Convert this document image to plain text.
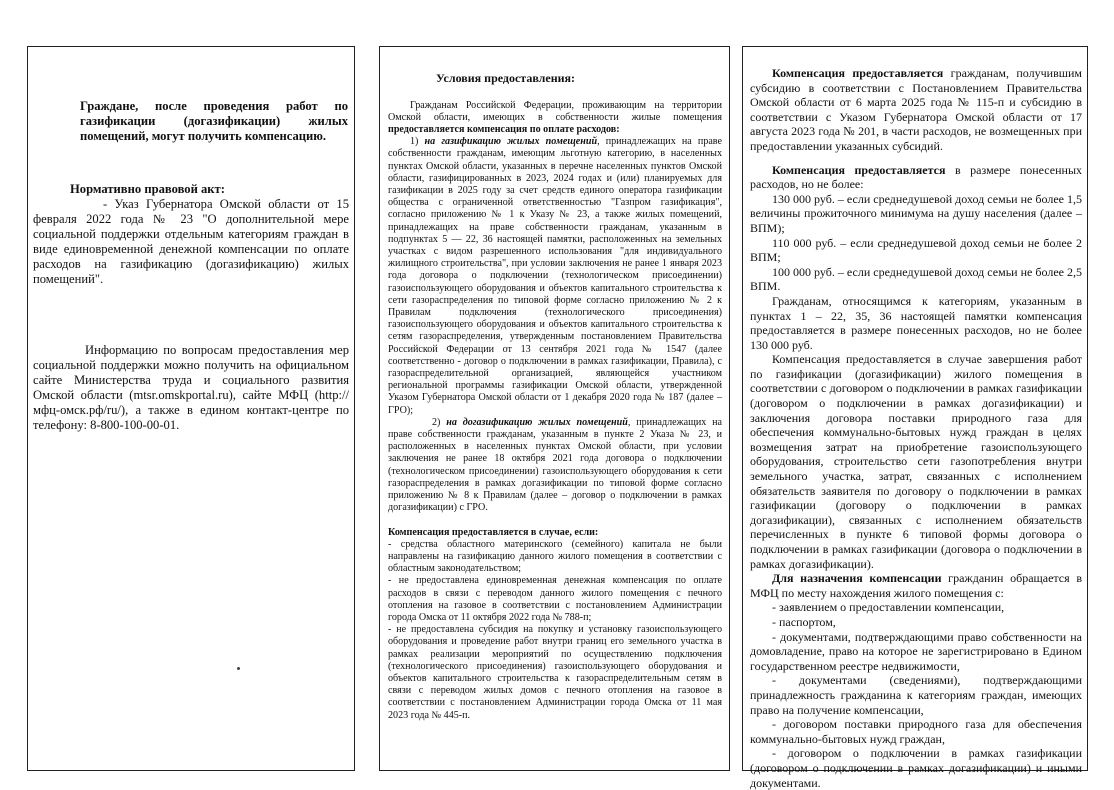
Граждане, после проведения работ по газификации (догазификации) жилых помещений, могут получить компенсацию.

Нормативно правовой акт:

- Указ Губернатора Омской области от 15 февраля 2022 года № 23 "О дополнительной мере социальной поддержки отдельным категориям граждан в виде единовременной денежной компенсации по оплате расходов на газификацию (догазификацию) жилых помещений".

Информацию по вопросам предоставления мер социальной поддержки можно получить на официальном сайте Министерства труда и социального развития Омской области (mtsr.omskportal.ru), сайте МФЦ (http://мфц-омск.рф/ru/), а также в едином контакт-центре по телефону: 8-800-100-00-01.

Условия предоставления:

Гражданам Российской Федерации, проживающим на территории Омской области, имеющих в собственности жилые помещения предоставляется компенсация по оплате расходов:

1) на газификацию жилых помещений, принадлежащих на праве собственности гражданам, имеющим льготную категорию, в населенных пунктах Омской области, указанных в перечне населенных пунктов Омской области, газифицированных в 2023, 2024 годах и (или) планируемых для газификации в 2025 году за счет средств единого оператора газификации общества с ограниченной ответственностью "Газпром газификация", согласно приложению № 1 к Указу № 23, а также жилых помещений, принадлежащих на праве собственности гражданам, указанным в подпунктах 5 — 22, 36 настоящей памятки, расположенных на земельных участках с видом разрешенного использования "для индивидуального жилищного строительства", при условии заключения не ранее 1 января 2023 года договора о подключении (технологическом присоединении) газоиспользующего оборудования и объектов капитального строительства к сети газораспределения по типовой форме согласно приложению № 2 к Правилам подключения (технологического присоединения) газоиспользующего оборудования и объектов капитального строительства к сетям газораспределения, утвержденным постановлением Правительства Российской Федерации от 13 сентября 2021 года № 1547 (далее соответственно - договор о подключении в рамках газификации, Правила), с газораспределительной организацией, являющейся участником региональной программы газификации Омской области, утвержденной Указом Губернатора Омской области от 1 декабря 2020 года № 187 (далее – ГРО);

2) на догазификацию жилых помещений, принадлежащих на праве собственности гражданам, указанным в пункте 2 Указа № 23, и расположенных в населенных пунктах Омской области, при условии заключения не ранее 18 октября 2021 года договора о подключении (технологическом присоединении) газоиспользующего оборудования к сети газораспределения в рамках догазификации по типовой форме согласно приложению № 8 к Правилам (далее – договор о подключении в рамках догазификации) с ГРО.

Компенсация предоставляется в случае, если:

- средства областного материнского (семейного) капитала не были направлены на газификацию данного жилого помещения в соответствии с областным законодательством;

- не предоставлена единовременная денежная компенсация по оплате расходов в связи с переводом данного жилого помещения с печного отопления на газовое в соответствии с постановлением Администрации города Омска от 11 октября 2022 года № 788-п;

- не предоставлена субсидия на покупку и установку газоиспользующего оборудования и проведение работ внутри границ его земельного участка в рамках реализации мероприятий по осуществлению подключения (технологического присоединения) газоиспользующего оборудования и объектов капитального строительства к газораспределительным сетям в связи с переводом жилых домов с печного отопления на газовое в соответствии с постановлением Администрации города Омска от 11 мая 2023 года № 445-п.

Компенсация предоставляется гражданам, получившим субсидию в соответствии с Постановлением Правительства Омской области от 6 марта 2025 года № 115-п и субсидию в соответствии с Указом Губернатора Омской области от 17 августа 2023 года № 201, в части расходов, не возмещенных при предоставлении указанных субсидий.

Компенсация предоставляется в размере понесенных расходов, но не более:

130 000 руб. – если среднедушевой доход семьи не более 1,5 величины прожиточного минимума на душу населения (далее – ВПМ);

110 000 руб. – если среднедушевой доход семьи не более 2 ВПМ;

100 000 руб. – если среднедушевой доход семьи не более 2,5 ВПМ.

Гражданам, относящимся к категориям, указанным в пунктах 1 – 22, 35, 36 настоящей памятки компенсация предоставляется в размере понесенных расходов, но не более 130 000 руб.

Компенсация предоставляется в случае завершения работ по газификации (догазификации) жилого помещения в соответствии с договором о подключении в рамках газификации (договором о подключении в рамках догазификации) и заключения договора поставки природного газа для обеспечения коммунально-бытовых нужд граждан в целях возмещения затрат на приобретение газоиспользующего оборудования, строительство сети газопотребления внутри земельного участка, затрат, связанных с исполнением обязательств заявителя по договору о подключении в рамках газификации (договору о подключении в рамках догазификации), связанных с исполнением обязательств перечисленных в пункте 6 типовой формы договора о подключении в рамках газификации (договора о подключении в рамках догазификации).

Для назначения компенсации гражданин обращается в МФЦ по месту нахождения жилого помещения с:

- заявлением о предоставлении компенсации,

- паспортом,

- документами, подтверждающими право собственности на домовладение, право на которое не зарегистрировано в Едином государственном реестре недвижимости,

- документами (сведениями), подтверждающими принадлежность гражданина к категориям граждан, имеющих право на получение компенсации,

- договором поставки природного газа для обеспечения коммунально-бытовых нужд граждан,

- договором о подключении в рамках газификации (договором о подключении в рамках догазификации) и иными документами.
